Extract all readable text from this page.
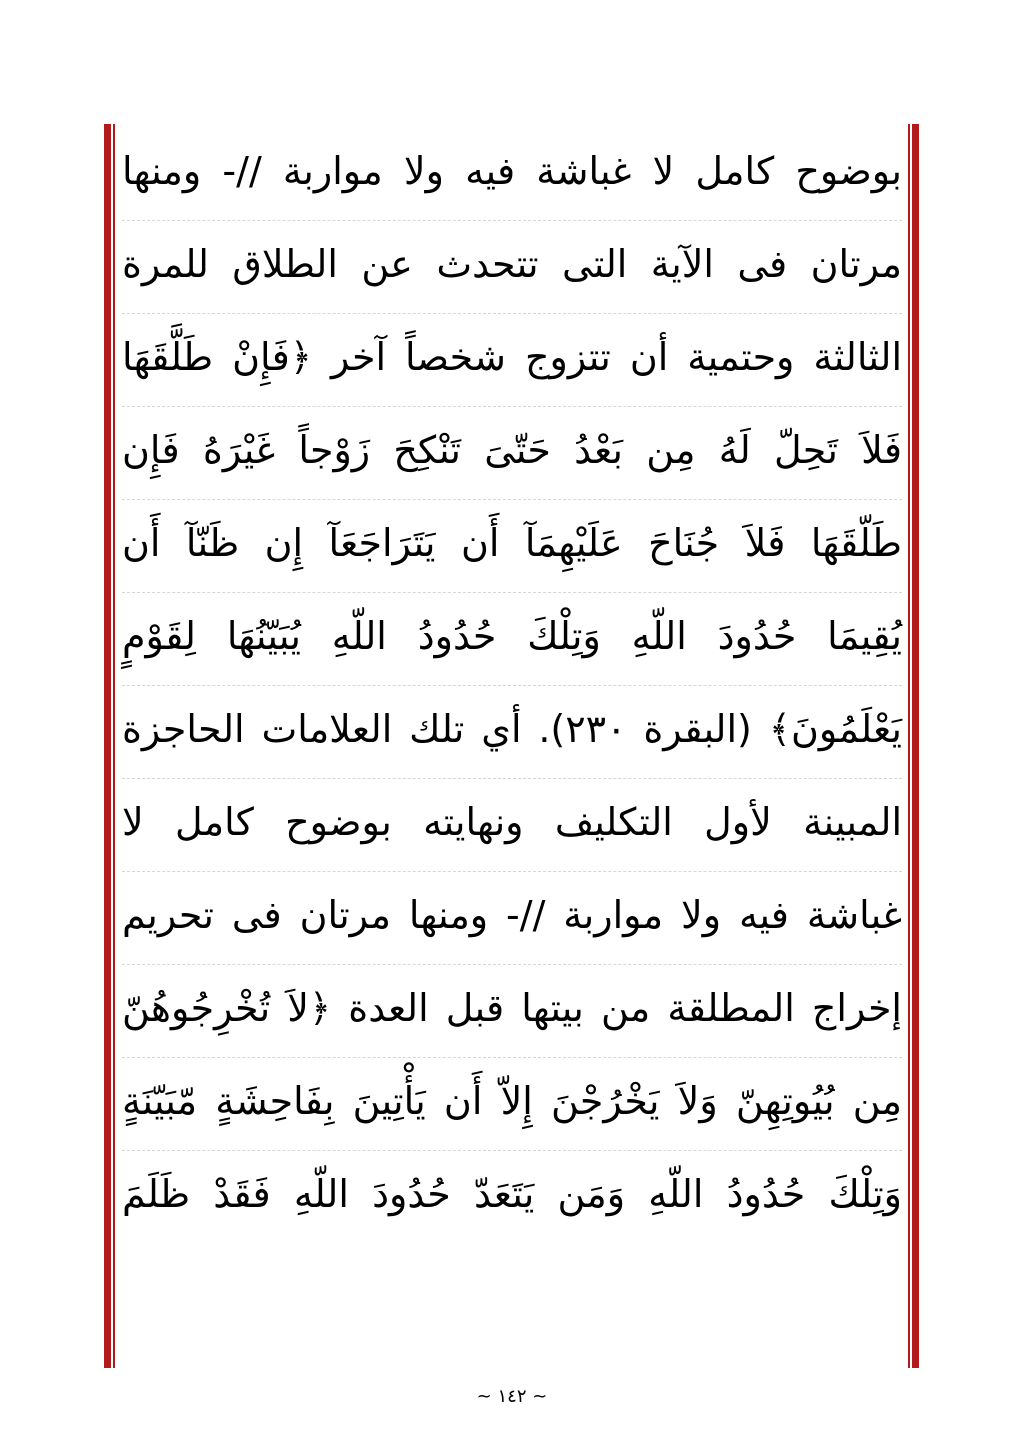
بوضوح كامل لا غباشة فيه ولا مواربة //- ومنها
مرتان فى الآية التى تتحدث عن الطلاق للمرة
الثالثة وحتمية أن تتزوج شخصاً آخر ﴿فَإِنْ طَلَّقَهَا
فَلاَ تَحِلّ لَهُ مِن بَعْدُ حَتّىَ تَنْكِحَ زَوْجاً غَيْرَهُ فَإِن
طَلّقَهَا فَلاَ جُنَاحَ عَلَيْهِمَآ أَن يَتَرَاجَعَآ إِن ظَنّآ أَن
يُقِيمَا حُدُودَ اللّهِ وَتِلْكَ حُدُودُ اللّهِ يُبَيّنُهَا لِقَوْمٍ
يَعْلَمُونَ﴾ (البقرة ٢٣٠). أي تلك العلامات الحاجزة
المبينة لأول التكليف ونهايته بوضوح كامل لا
غباشة فيه ولا مواربة //- ومنها مرتان فى تحريم
إخراج المطلقة من بيتها قبل العدة ﴿لاَ تُخْرِجُوهُنّ
مِن بُيُوتِهِنّ وَلاَ يَخْرُجْنَ إِلاّ أَن يَأْتِينَ بِفَاحِشَةٍ مّبَيّنَةٍ
وَتِلْكَ حُدُودُ اللّهِ وَمَن يَتَعَدّ حُدُودَ اللّهِ فَقَدْ ظَلَمَ
~ ١٤٢ ~
